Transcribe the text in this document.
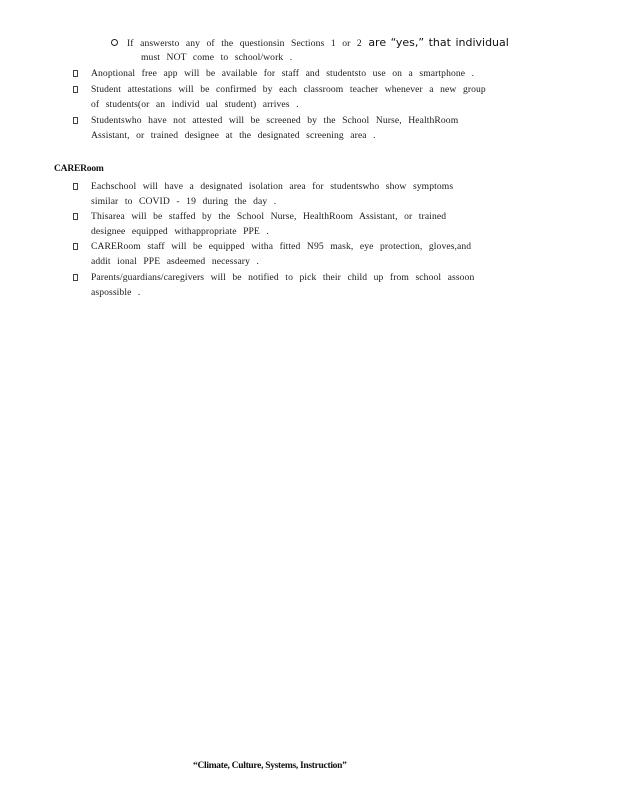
If answersto any of the questionsin Sections 1 or 2 are “yes,” that individual
must NOT come to school/work .
Anoptional free app will be available for staff and studentsto use on a smartphone .
Student attestations will be confirmed by each classroom teacher whenever a new group
of students(or an individ ual student) arrives .
Studentswho have not attested will be screened by the School Nurse, HealthRoom
Assistant, or trained designee at the designated screening area .
CARERoom
Eachschool will have a designated isolation area for studentswho show symptoms
similar to COVID - 19 during the day .
Thisarea will be staffed by the School Nurse, HealthRoom Assistant, or trained
designee equipped withappropriate PPE .
CARERoom staff will be equipped witha fitted N95 mask, eye protection, gloves,and
addit ional PPE asdeemed necessary .
Parents/guardians/caregivers will be notified to pick their child up from school assoon
aspossible .
“Climate, Culture, Systems, Instruction”
